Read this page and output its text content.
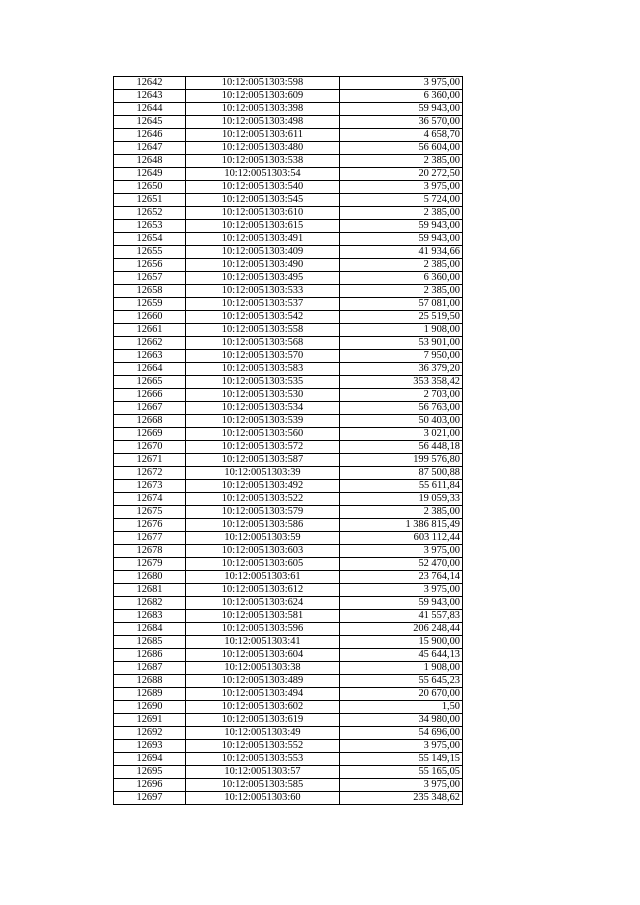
12642	10:12:0051303:598	3 975,00
12643	10:12:0051303:609	6 360,00
12644	10:12:0051303:398	59 943,00
12645	10:12:0051303:498	36 570,00
12646	10:12:0051303:611	4 658,70
12647	10:12:0051303:480	56 604,00
12648	10:12:0051303:538	2 385,00
12649	10:12:0051303:54	20 272,50
12650	10:12:0051303:540	3 975,00
12651	10:12:0051303:545	5 724,00
12652	10:12:0051303:610	2 385,00
12653	10:12:0051303:615	59 943,00
12654	10:12:0051303:491	59 943,00
12655	10:12:0051303:409	41 934,66
12656	10:12:0051303:490	2 385,00
12657	10:12:0051303:495	6 360,00
12658	10:12:0051303:533	2 385,00
12659	10:12:0051303:537	57 081,00
12660	10:12:0051303:542	25 519,50
12661	10:12:0051303:558	1 908,00
12662	10:12:0051303:568	53 901,00
12663	10:12:0051303:570	7 950,00
12664	10:12:0051303:583	36 379,20
12665	10:12:0051303:535	353 358,42
12666	10:12:0051303:530	2 703,00
12667	10:12:0051303:534	56 763,00
12668	10:12:0051303:539	50 403,00
12669	10:12:0051303:560	3 021,00
12670	10:12:0051303:572	56 448,18
12671	10:12:0051303:587	199 576,80
12672	10:12:0051303:39	87 500,88
12673	10:12:0051303:492	55 611,84
12674	10:12:0051303:522	19 059,33
12675	10:12:0051303:579	2 385,00
12676	10:12:0051303:586	1 386 815,49
12677	10:12:0051303:59	603 112,44
12678	10:12:0051303:603	3 975,00
12679	10:12:0051303:605	52 470,00
12680	10:12:0051303:61	23 764,14
12681	10:12:0051303:612	3 975,00
12682	10:12:0051303:624	59 943,00
12683	10:12:0051303:581	41 557,83
12684	10:12:0051303:596	206 248,44
12685	10:12:0051303:41	15 900,00
12686	10:12:0051303:604	45 644,13
12687	10:12:0051303:38	1 908,00
12688	10:12:0051303:489	55 645,23
12689	10:12:0051303:494	20 670,00
12690	10:12:0051303:602	1,50
12691	10:12:0051303:619	34 980,00
12692	10:12:0051303:49	54 696,00
12693	10:12:0051303:552	3 975,00
12694	10:12:0051303:553	55 149,15
12695	10:12:0051303:57	55 165,05
12696	10:12:0051303:585	3 975,00
12697	10:12:0051303:60	235 348,62
